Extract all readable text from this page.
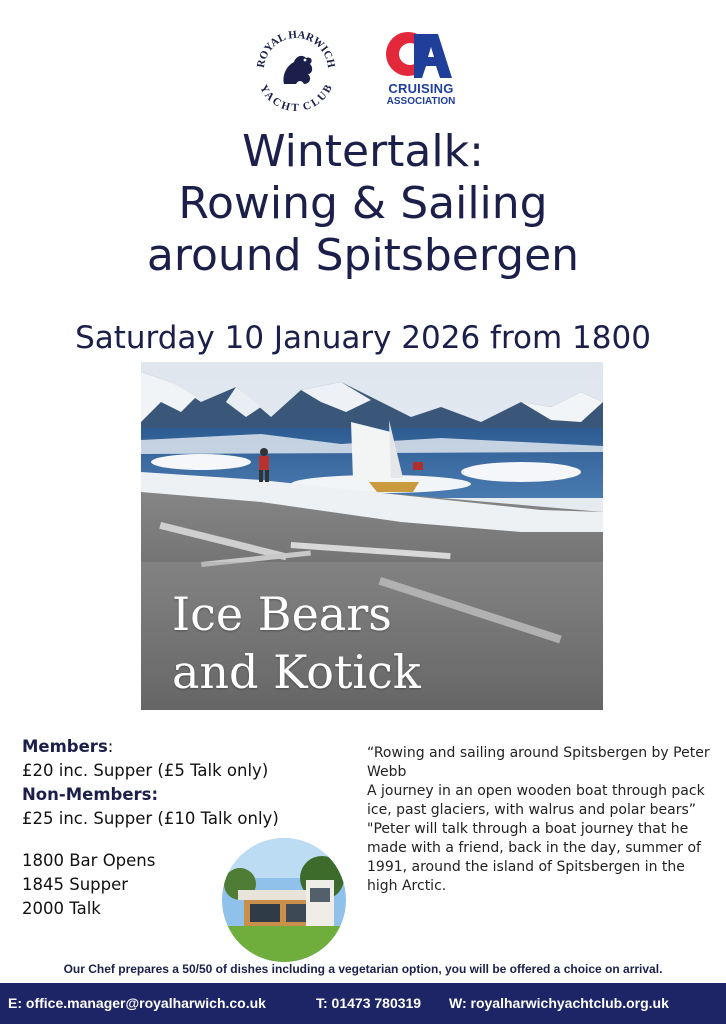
ROYAL HARWICH
YACHT CLUB	CRUISING
ASSOCIATION
Wintertalk:
Rowing & Sailing
around Spitsbergen
Saturday 10 January 2026 from 1800
Ice Bears
and Kotick
Members:
£20 inc. Supper (£5 Talk only)
Non-Members:
£25 inc. Supper (£10 Talk only)
1800 Bar Opens
1845 Supper
2000 Talk

“Rowing and sailing around Spitsbergen by Peter Webb

A journey in an open wooden boat through pack ice, past glaciers, with walrus and polar bears”

"Peter will talk through a boat journey that he made with a friend, back in the day, summer of 1991, around the island of Spitsbergen in the high Arctic.

Our Chef prepares a 50/50 of dishes including a vegetarian option, you will be offered a choice on arrival.
E: office.manager@royalharwich.co.uk	T: 01473 780319 W: royalharwichyachtclub.org.uk
